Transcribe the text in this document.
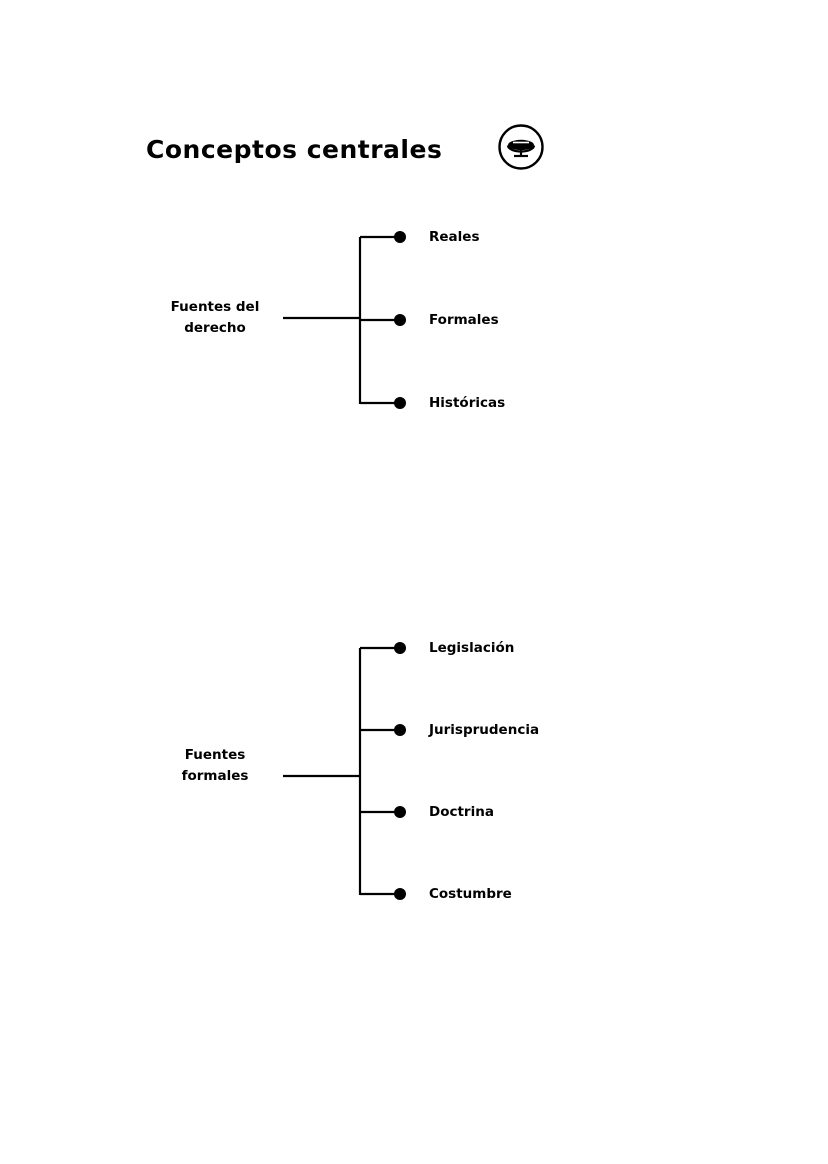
Conceptos centrales
Fuentes del
derecho
Reales
Formales
Históricas
Fuentes
formales
Legislación
Jurisprudencia
Doctrina
Costumbre
